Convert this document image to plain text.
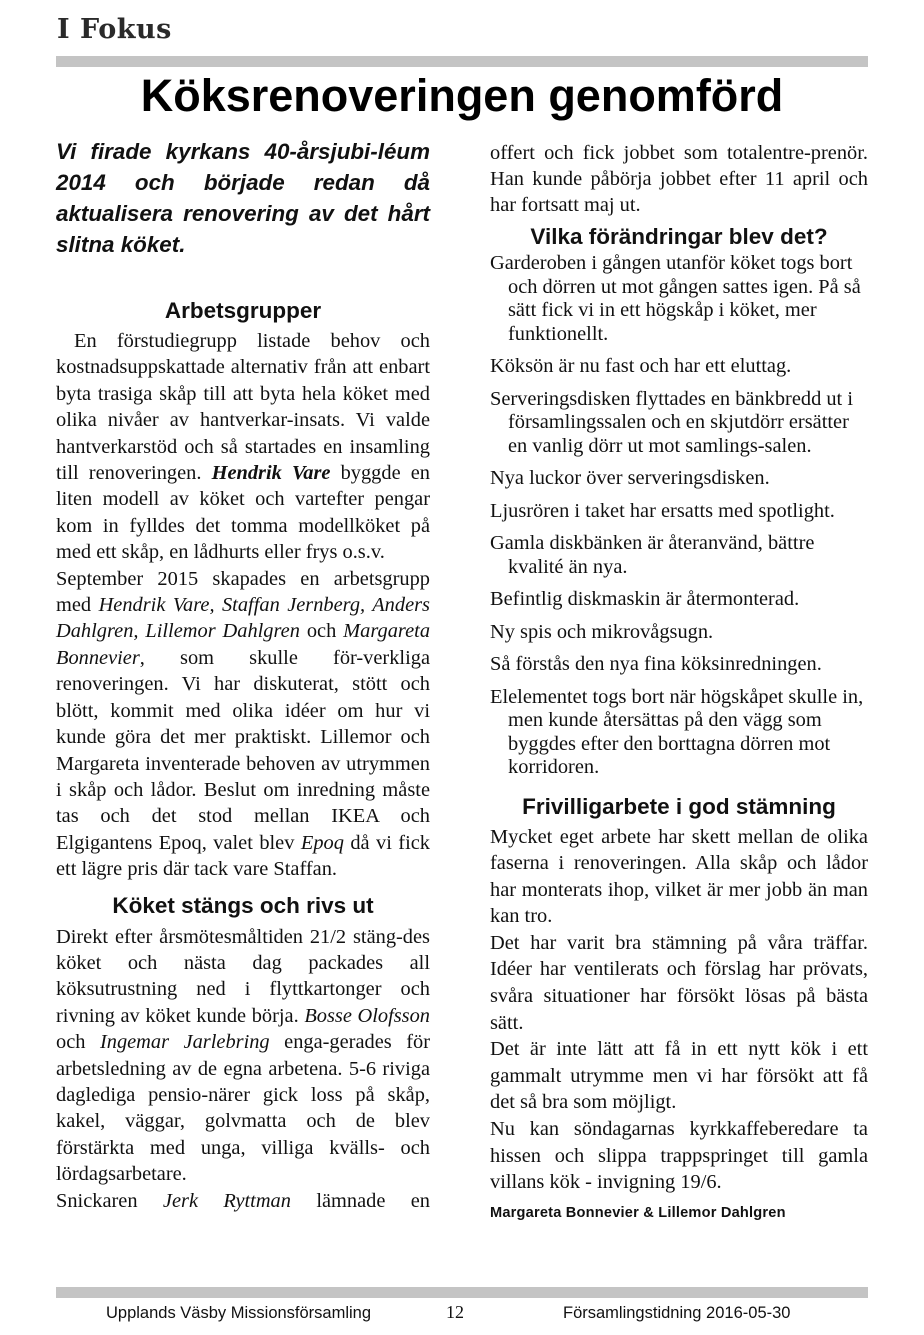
I Fokus
Köksrenoveringen genomförd

Vi firade kyrkans 40-årsjubi-léum 2014 och började redan då aktualisera renovering av det hårt slitna köket.

Arbetsgrupper

En förstudiegrupp listade behov och kostnadsuppskattade alternativ från att enbart byta trasiga skåp till att byta hela köket med olika nivåer av hantverkar-insats. Vi valde hantverkarstöd och så startades en insamling till renoveringen. Hendrik Vare byggde en liten modell av köket och vartefter pengar kom in fylldes det tomma modellköket på med ett skåp, en lådhurts eller frys o.s.v.

September 2015 skapades en arbetsgrupp med Hendrik Vare, Staffan Jernberg, Anders Dahlgren, Lillemor Dahlgren och Margareta Bonnevier, som skulle för-verkliga renoveringen. Vi har diskuterat, stött och blött, kommit med olika idéer om hur vi kunde göra det mer praktiskt. Lillemor och Margareta inventerade behoven av utrymmen i skåp och lådor. Beslut om inredning måste tas och det stod mellan IKEA och Elgigantens Epoq, valet blev Epoq då vi fick ett lägre pris där tack vare Staffan.

Köket stängs och rivs ut

Direkt efter årsmötesmåltiden 21/2 stäng-des köket och nästa dag packades all köksutrustning ned i flyttkartonger och rivning av köket kunde börja. Bosse Olofsson och Ingemar Jarlebring enga-gerades för arbetsledning av de egna arbetena. 5-6 riviga daglediga pensio-närer gick loss på skåp, kakel, väggar, golvmatta och de blev förstärkta med unga, villiga kvälls- och lördagsarbetare.

Snickaren Jerk Ryttman lämnade en

offert och fick jobbet som totalentre-prenör. Han kunde påbörja jobbet efter 11 april och har fortsatt maj ut.

Vilka förändringar blev det?
Garderoben i gången utanför köket togs bort och dörren ut mot gången sattes igen. På så sätt fick vi in ett högskåp i köket, mer funktionellt.
Köksön är nu fast och har ett eluttag.
Serveringsdisken flyttades en bänkbredd ut i församlingssalen och en skjutdörr ersätter en vanlig dörr ut mot samlings-salen.
Nya luckor över serveringsdisken.
Ljusrören i taket har ersatts med spotlight.
Gamla diskbänken är återanvänd, bättre kvalité än nya.
Befintlig diskmaskin är återmonterad.
Ny spis och mikrovågsugn.
Så förstås den nya fina köksinredningen.
Elelementet togs bort när högskåpet skulle in, men kunde återsättas på den vägg som byggdes efter den borttagna dörren mot korridoren.
Frivilligarbete i god stämning

Mycket eget arbete har skett mellan de olika faserna i renoveringen. Alla skåp och lådor har monterats ihop, vilket är mer jobb än man kan tro.

Det har varit bra stämning på våra träffar. Idéer har ventilerats och förslag har prövats, svåra situationer har försökt lösas på bästa sätt.

Det är inte lätt att få in ett nytt kök i ett gammalt utrymme men vi har försökt att få det så bra som möjligt.

Nu kan söndagarnas kyrkkaffeberedare ta hissen och slippa trappspringet till gamla villans kök - invigning 19/6.

Margareta Bonnevier & Lillemor Dahlgren
Upplands Väsby Missionsförsamling	12	Församlingstidning 2016-05-30
